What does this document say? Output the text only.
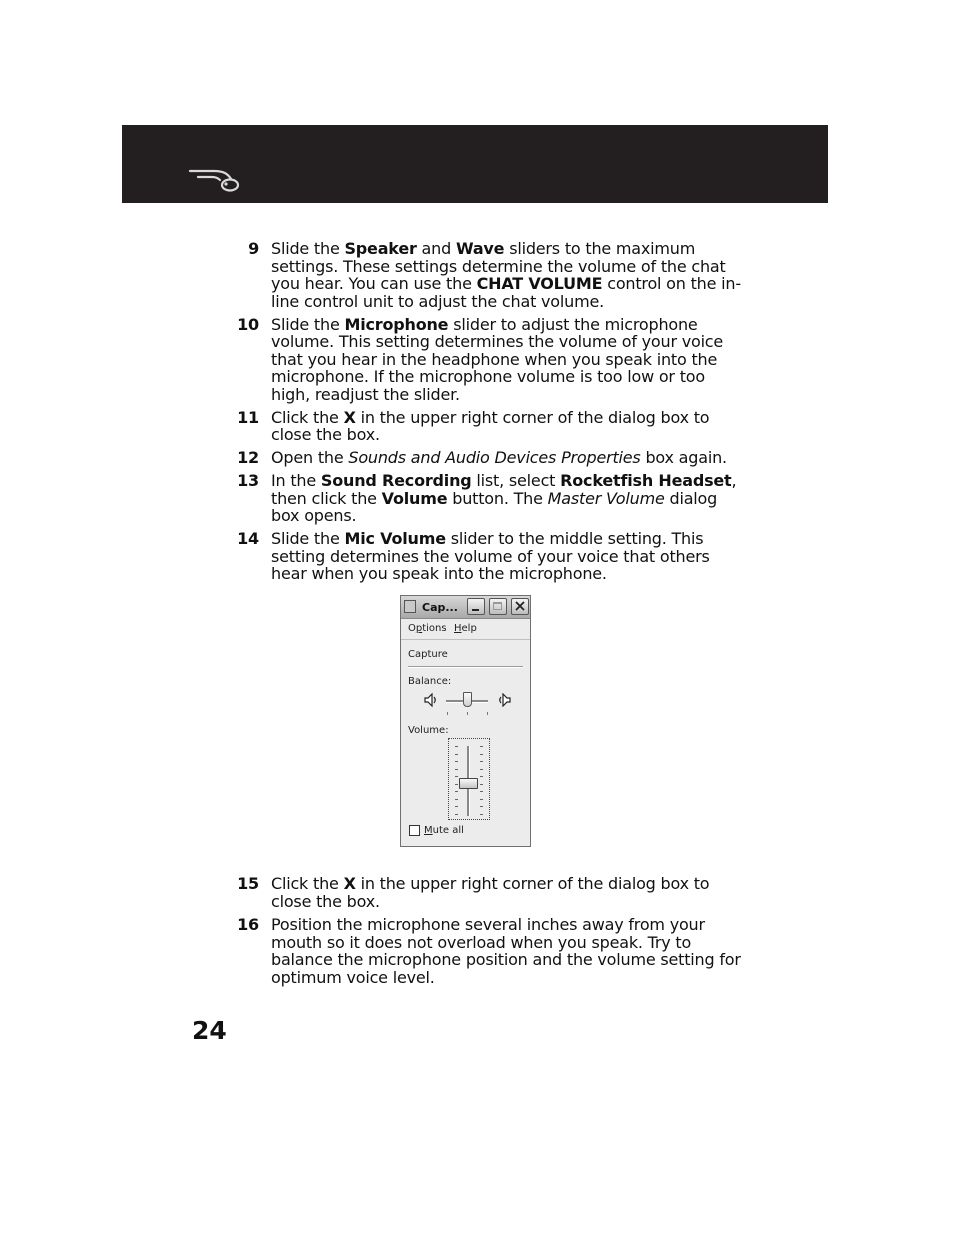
9 Slide the Speaker and Wave sliders to the maximum settings. These settings determine the volume of the chat you hear. You can use the CHAT VOLUME control on the in-line control unit to adjust the chat volume.
10 Slide the Microphone slider to adjust the microphone volume. This setting determines the volume of your voice that you hear in the headphone when you speak into the microphone. If the microphone volume is too low or too high, readjust the slider.
11 Click the X in the upper right corner of the dialog box to close the box.
12 Open the Sounds and Audio Devices Properties box again.
13 In the Sound Recording list, select Rocketfish Headset, then click the Volume button. The Master Volume dialog box opens.
14 Slide the Mic Volume slider to the middle setting. This setting determines the volume of your voice that others hear when you speak into the microphone.
Cap...
Options Help
Capture
Balance:
Volume:
Mute all
15 Click the X in the upper right corner of the dialog box to close the box.
16 Position the microphone several inches away from your mouth so it does not overload when you speak. Try to balance the microphone position and the volume setting for optimum voice level.
24
